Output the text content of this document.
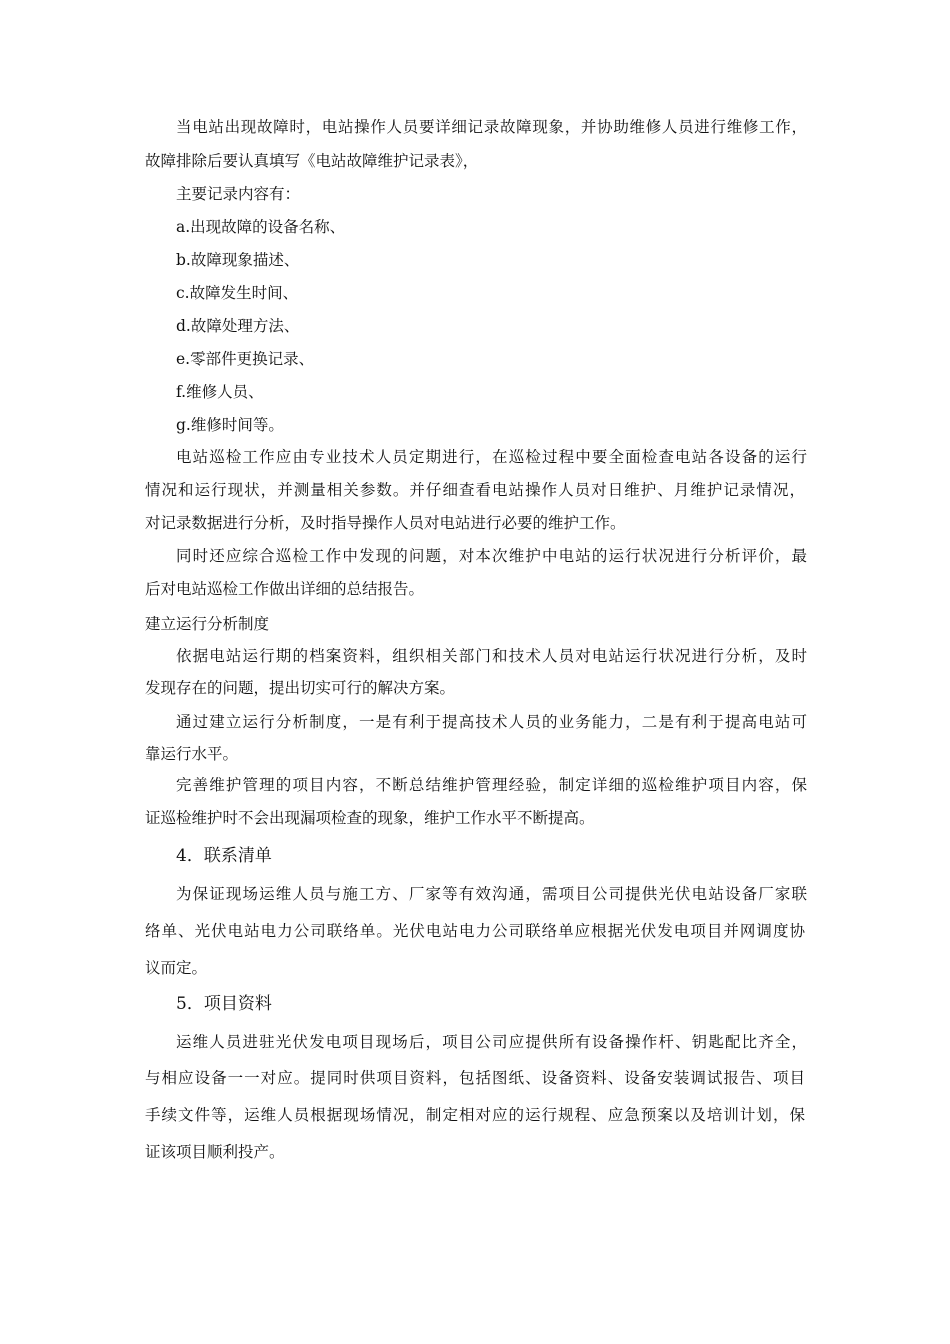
当电站出现故障时，电站操作人员要详细记录故障现象，并协助维修人员进行维修工作，

故障排除后要认真填写《电站故障维护记录表》，

主要记录内容有：

a.出现故障的设备名称、

b.故障现象描述、

c.故障发生时间、

d.故障处理方法、

e.零部件更换记录、

f.维修人员、

g.维修时间等。

电站巡检工作应由专业技术人员定期进行，在巡检过程中要全面检查电站各设备的运行

情况和运行现状，并测量相关参数。并仔细查看电站操作人员对日维护、月维护记录情况，

对记录数据进行分析，及时指导操作人员对电站进行必要的维护工作。

同时还应综合巡检工作中发现的问题，对本次维护中电站的运行状况进行分析评价，最

后对电站巡检工作做出详细的总结报告。

建立运行分析制度

依据电站运行期的档案资料，组织相关部门和技术人员对电站运行状况进行分析，及时

发现存在的问题，提出切实可行的解决方案。

通过建立运行分析制度，一是有利于提高技术人员的业务能力，二是有利于提高电站可

靠运行水平。

完善维护管理的项目内容，不断总结维护管理经验，制定详细的巡检维护项目内容，保

证巡检维护时不会出现漏项检查的现象，维护工作水平不断提高。

4．联系清单

为保证现场运维人员与施工方、厂家等有效沟通，需项目公司提供光伏电站设备厂家联

络单、光伏电站电力公司联络单。光伏电站电力公司联络单应根据光伏发电项目并网调度协

议而定。

5．项目资料

运维人员进驻光伏发电项目现场后，项目公司应提供所有设备操作杆、钥匙配比齐全，

与相应设备一一对应。提同时供项目资料，包括图纸、设备资料、设备安装调试报告、项目

手续文件等，运维人员根据现场情况，制定相对应的运行规程、应急预案以及培训计划，保

证该项目顺利投产。
